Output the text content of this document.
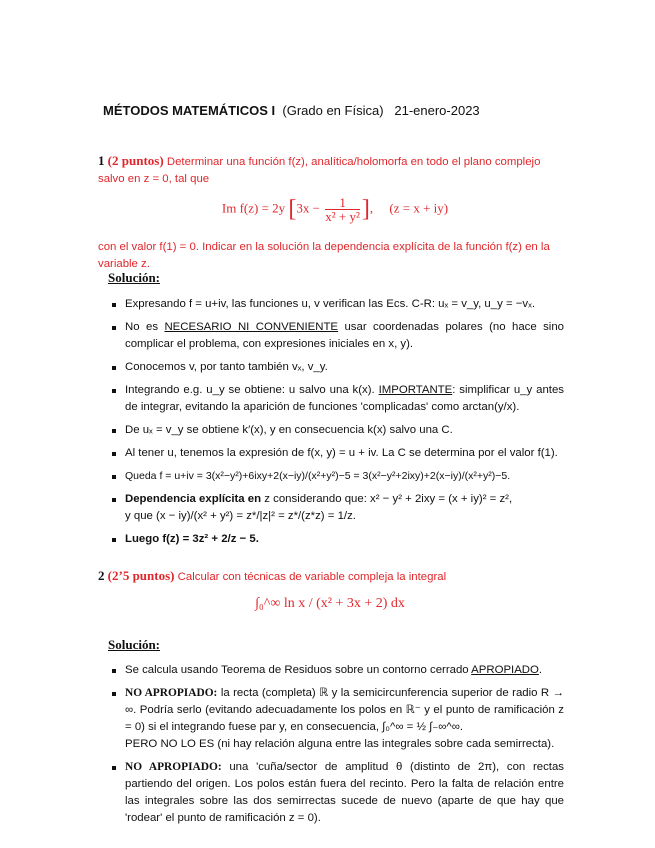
MÉTODOS MATEMÁTICOS I (Grado en Física) 21-enero-2023
1 (2 puntos) Determinar una función f(z), analítica/holomorfa en todo el plano complejo salvo en z = 0, tal que
Im f(z) = 2y [$3x - \frac{1}{\text{x² + y²}}$ ],     (z = x + iy)
con el valor f(1) = 0. Indicar en la solución la dependencia explícita de la función f(z) en la variable z.
Solución:
Expresando f = u+iv, las funciones u, v verifican las Ecs. C-R: uₓ = v_y, u_y = −vₓ.
No es NECESARIO NI CONVENIENTE usar coordenadas polares (no hace sino complicar el problema, con expresiones iniciales en x, y).
Conocemos v, por tanto también vₓ, v_y.
Integrando e.g. u_y se obtiene: u salvo una k(x). IMPORTANTE: simplificar u_y antes de integrar, evitando la aparición de funciones 'complicadas' como arctan(y/x).
De uₓ = v_y se obtiene k′(x), y en consecuencia k(x) salvo una C.
Al tener u, tenemos la expresión de f(x, y) = u + iv. La C se determina por el valor f(1).
Queda f = u+iv = 3(x²−y²)+6ixy+2(x−iy)/(x²+y²)−5 = 3(x²−y²+2ixy)+2(x−iy)/(x²+y²)−5.
Dependencia explícita en z considerando que: x² − y² + 2ixy = (x + iy)² = z²,
y que (x − iy)/(x² + y²) = z*/|z|² = z*/(z*z) = 1/z.
Luego f(z) = 3z² + 2/z − 5.
2 (2’5 puntos) Calcular con técnicas de variable compleja la integral
∫₀^∞ ln x / (x² + 3x + 2) dx
Solución:
Se calcula usando Teorema de Residuos sobre un contorno cerrado APROPIADO.
NO APROPIADO: la recta (completa) ℝ y la semicircunferencia superior de radio R → ∞. Podría serlo (evitando adecuadamente los polos en ℝ⁻ y el punto de ramificación z = 0) si el integrando fuese par y, en consecuencia, ∫₀^∞ = ½ ∫₋∞^∞.
PERO NO LO ES (ni hay relación alguna entre las integrales sobre cada semirrecta).
NO APROPIADO: una 'cuña/sector de amplitud θ (distinto de 2π), con rectas partiendo del origen. Los polos están fuera del recinto. Pero la falta de relación entre las integrales sobre las dos semirrectas sucede de nuevo (aparte de que hay que 'rodear' el punto de ramificación z = 0).
